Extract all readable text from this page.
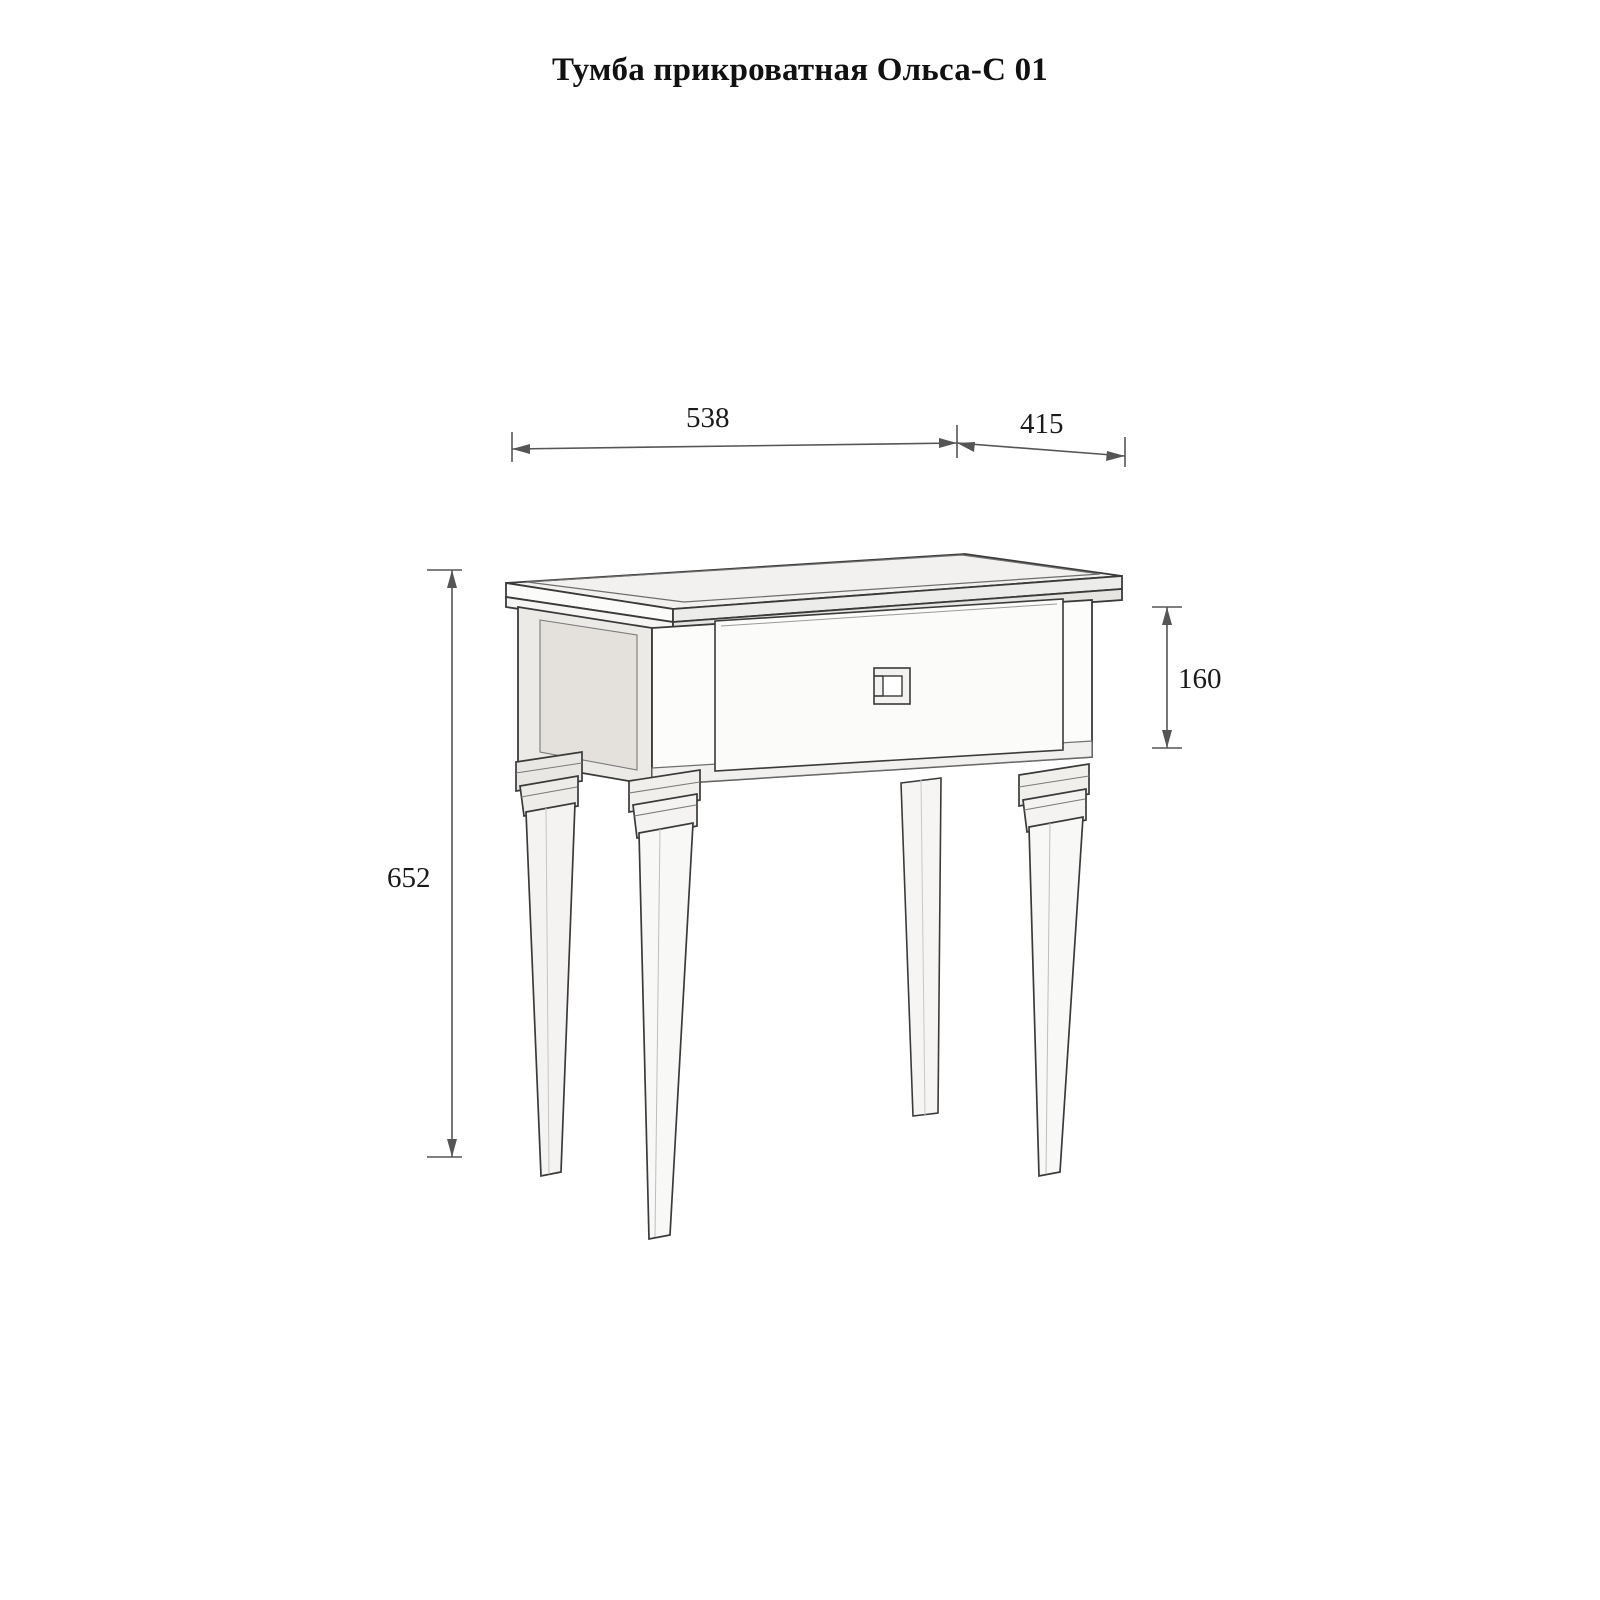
Тумба прикроватная Ольса-С 01
538	415
160
652
